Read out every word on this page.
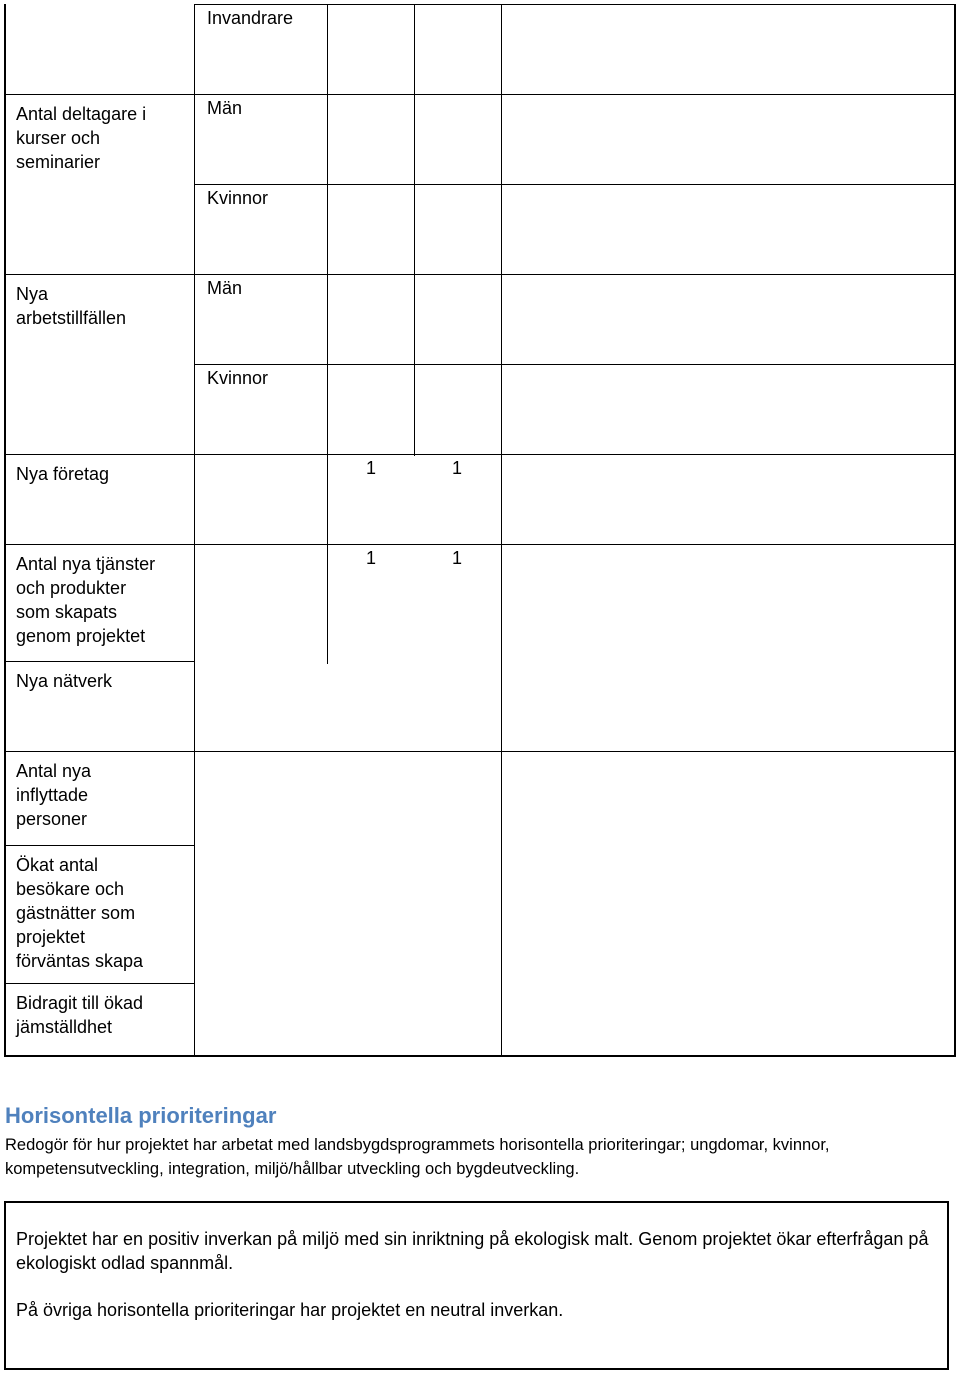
Antal deltagare i
kurser och
seminarier
Nya
arbetstillfällen
Nya företag
Antal nya tjänster
och produkter
som skapats
genom projektet
Nya nätverk
Antal nya
inflyttade
personer
Ökat antal
besökare och
gästnätter som
projektet
förväntas skapa
Bidragit till ökad
jämställdhet
Invandrare
Män
Kvinnor
Män
Kvinnor
1	1
1	1
Horisontella prioriteringar
Redogör för hur projektet har arbetat med landsbygdsprogrammets horisontella prioriteringar; ungdomar, kvinnor, kompetensutveckling, integration, miljö/hållbar utveckling och bygdeutveckling.
Projektet har en positiv inverkan på miljö med sin inriktning på ekologisk malt. Genom projektet ökar efterfrågan på ekologiskt odlad spannmål.
På övriga horisontella prioriteringar har projektet en neutral inverkan.
